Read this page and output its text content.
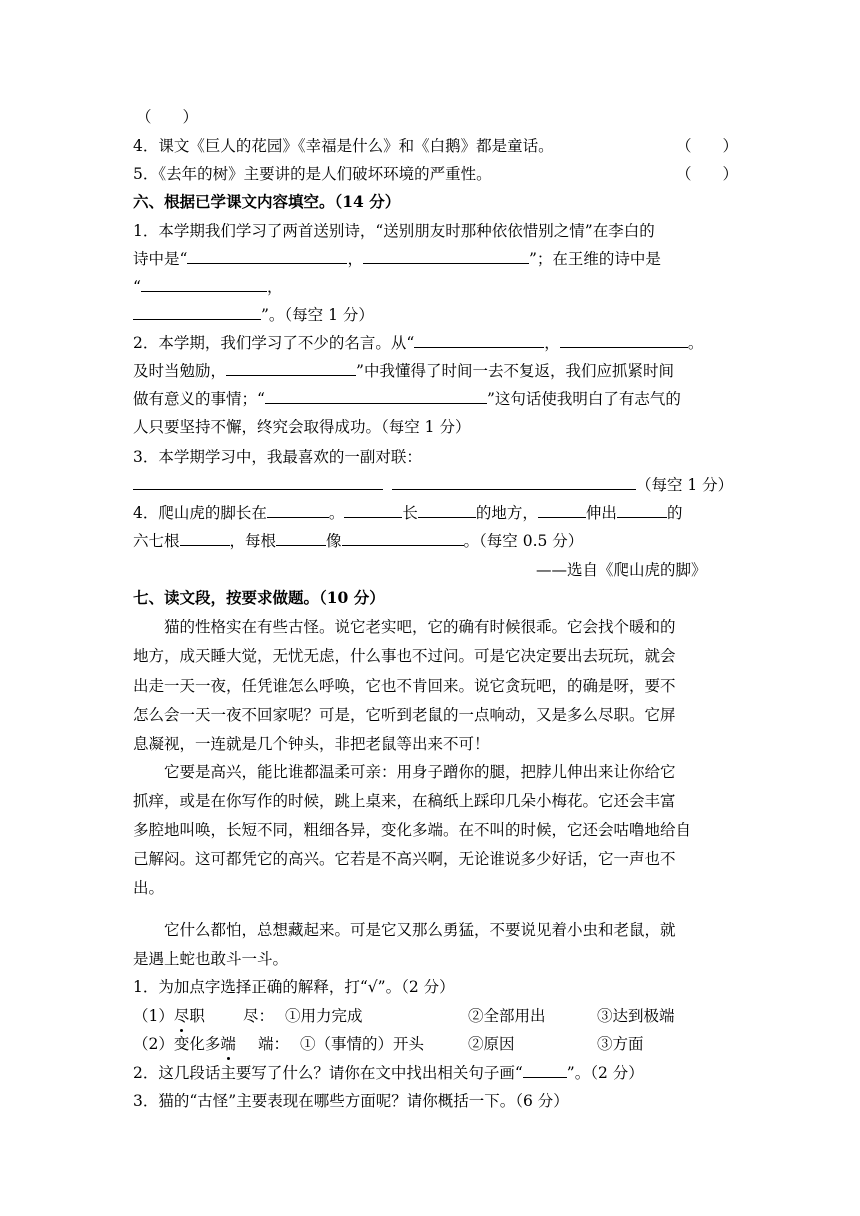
（　　）
4．课文《巨人的花园》《幸福是什么》和《白鹅》都是童话。	（　　）
5．《去年的树》主要讲的是人们破坏环境的严重性。	（　　）
六、根据已学课文内容填空。（14 分）
1．本学期我们学习了两首送别诗，“送别朋友时那种依依惜别之情”在李白的
诗中是“	，	”；在王维的诗中是
“	，
”。（每空 1 分）
2．本学期，我们学习了不少的名言。从“	，	。
及时当勉励，	”中我懂得了时间一去不复返，我们应抓紧时间
做有意义的事情；“	”这句话使我明白了有志气的
人只要坚持不懈，终究会取得成功。（每空 1 分）
3．本学期学习中，我最喜欢的一副对联：
（每空 1 分）
4．爬山虎的脚长在	。	长	的地方，	伸出	的
六七根	，每根	像	。（每空 0.5 分）
——选自《爬山虎的脚》
七、读文段，按要求做题。（10 分）
猫的性格实在有些古怪。说它老实吧，它的确有时候很乖。它会找个暖和的
地方，成天睡大觉，无忧无虑，什么事也不过问。可是它决定要出去玩玩，就会
出走一天一夜，任凭谁怎么呼唤，它也不肯回来。说它贪玩吧，的确是呀，要不
怎么会一天一夜不回家呢？可是，它听到老鼠的一点响动，又是多么尽职。它屏
息凝视，一连就是几个钟头，非把老鼠等出来不可！
它要是高兴，能比谁都温柔可亲：用身子蹭你的腿，把脖儿伸出来让你给它
抓痒，或是在你写作的时候，跳上桌来，在稿纸上踩印几朵小梅花。它还会丰富
多腔地叫唤，长短不同，粗细各异，变化多端。在不叫的时候，它还会咕噜地给自
己解闷。这可都凭它的高兴。它若是不高兴啊，无论谁说多少好话，它一声也不
出。
它什么都怕，总想藏起来。可是它又那么勇猛，不要说见着小虫和老鼠，就
是遇上蛇也敢斗一斗。
1．为加点字选择正确的解释，打“√”。（2 分）
（1）尽职 尽： ①用力完成	②全部用出	③达到极端
（2）变化多端 端： ①（事情的）开头	②原因	③方面
2．这几段话主要写了什么？请你在文中找出相关句子画“	”。（2 分）
3．猫的“古怪”主要表现在哪些方面呢？请你概括一下。（6 分）
